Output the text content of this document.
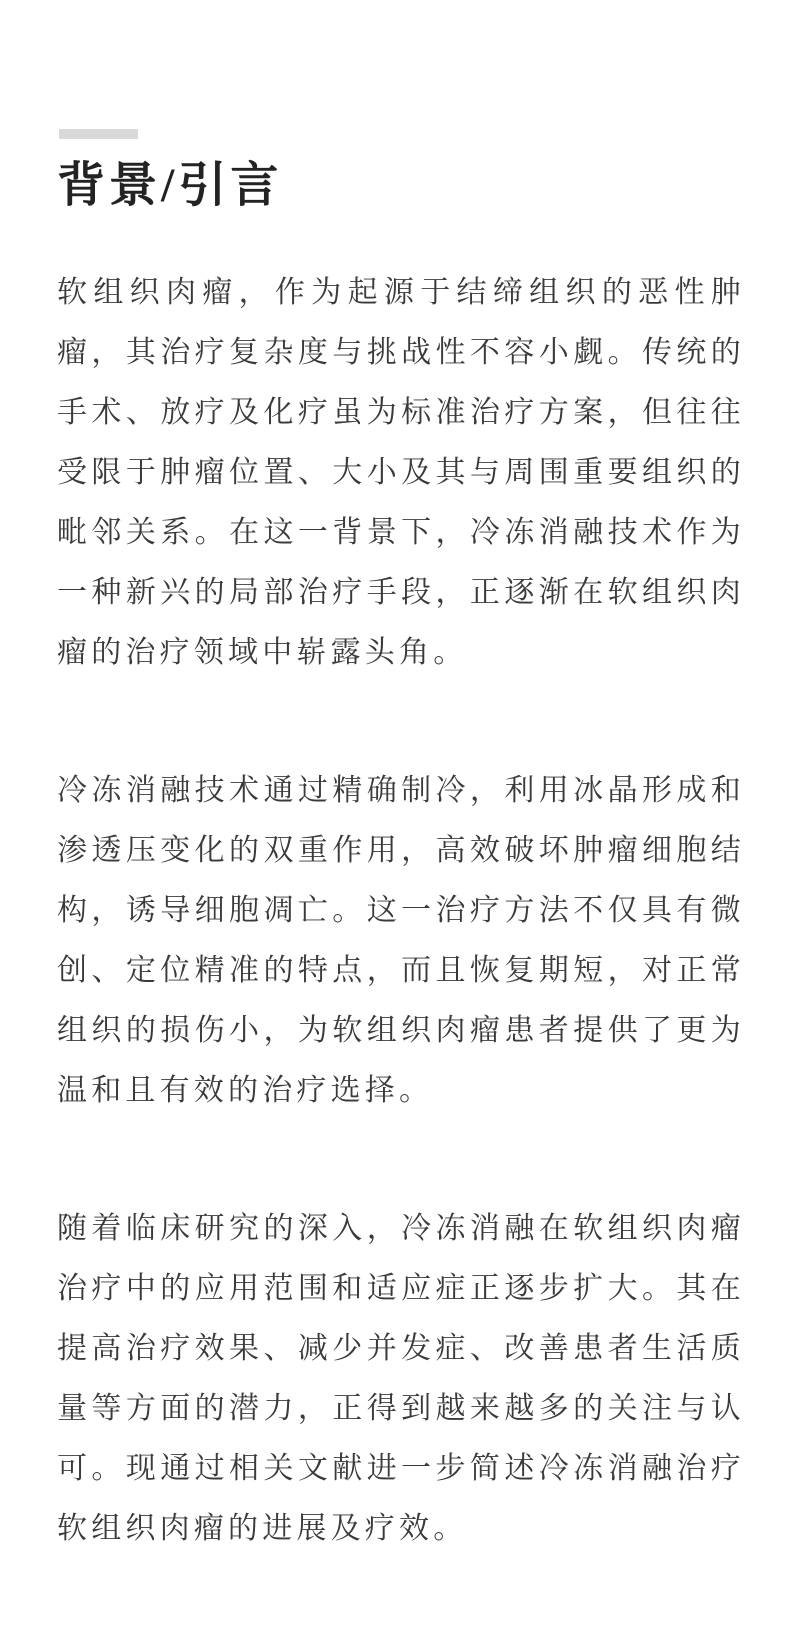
背景/引言

软组织肉瘤，作为起源于结缔组织的恶性肿瘤，其治疗复杂度与挑战性不容小觑。传统的手术、放疗及化疗虽为标准治疗方案，但往往受限于肿瘤位置、大小及其与周围重要组织的毗邻关系。在这一背景下，冷冻消融技术作为一种新兴的局部治疗手段，正逐渐在软组织肉瘤的治疗领域中崭露头角。

冷冻消融技术通过精确制冷，利用冰晶形成和渗透压变化的双重作用，高效破坏肿瘤细胞结构，诱导细胞凋亡。这一治疗方法不仅具有微创、定位精准的特点，而且恢复期短，对正常组织的损伤小，为软组织肉瘤患者提供了更为温和且有效的治疗选择。

随着临床研究的深入，冷冻消融在软组织肉瘤治疗中的应用范围和适应症正逐步扩大。其在提高治疗效果、减少并发症、改善患者生活质量等方面的潜力，正得到越来越多的关注与认可。现通过相关文献进一步简述冷冻消融治疗软组织肉瘤的进展及疗效。
